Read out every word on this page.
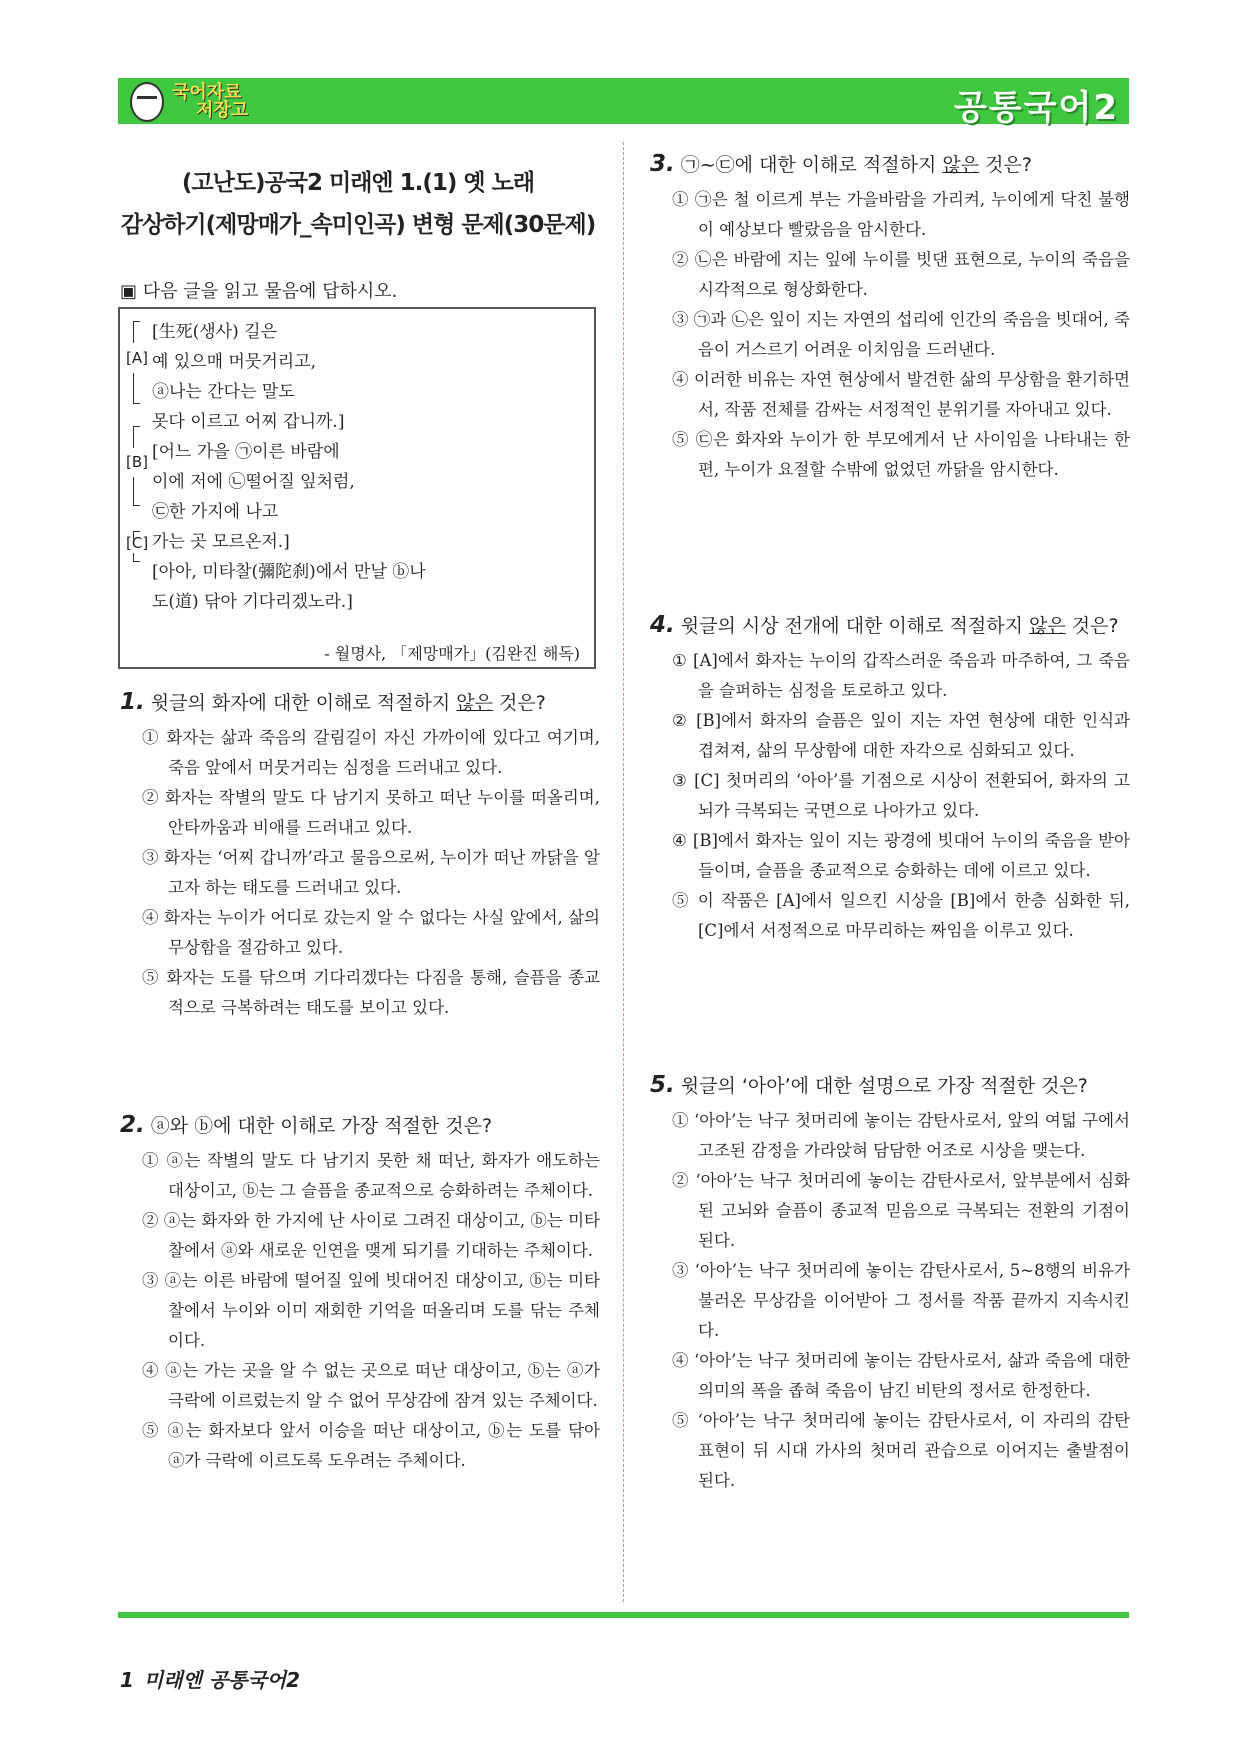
국어자료
저장고	공통국어2
(고난도)공국2 미래엔 1.(1) 옛 노래
감상하기(제망매가_속미인곡) 변형 문제(30문제)
▣ 다음 글을 읽고 물음에 답하시오.
[A]
[B]
[C]
[生死(생사) 길은
예 있으매 머뭇거리고,
ⓐ나는 간다는 말도
못다 이르고 어찌 갑니까.]
[어느 가을 ㉠이른 바람에
이에 저에 ㉡떨어질 잎처럼,
㉢한 가지에 나고
가는 곳 모르온저.]
[아아, 미타찰(彌陀刹)에서 만날 ⓑ나
도(道) 닦아 기다리겠노라.]
- 월명사, 「제망매가」(김완진 해독)
1. 윗글의 화자에 대한 이해로 적절하지 않은 것은?
① 화자는 삶과 죽음의 갈림길이 자신 가까이에 있다고 여기며, 죽음 앞에서 머뭇거리는 심정을 드러내고 있다.
② 화자는 작별의 말도 다 남기지 못하고 떠난 누이를 떠올리며, 안타까움과 비애를 드러내고 있다.
③ 화자는 ‘어찌 갑니까’라고 물음으로써, 누이가 떠난 까닭을 알고자 하는 태도를 드러내고 있다.
④ 화자는 누이가 어디로 갔는지 알 수 없다는 사실 앞에서, 삶의 무상함을 절감하고 있다.
⑤ 화자는 도를 닦으며 기다리겠다는 다짐을 통해, 슬픔을 종교적으로 극복하려는 태도를 보이고 있다.
2. ⓐ와 ⓑ에 대한 이해로 가장 적절한 것은?
① ⓐ는 작별의 말도 다 남기지 못한 채 떠난, 화자가 애도하는 대상이고, ⓑ는 그 슬픔을 종교적으로 승화하려는 주체이다.
② ⓐ는 화자와 한 가지에 난 사이로 그려진 대상이고, ⓑ는 미타찰에서 ⓐ와 새로운 인연을 맺게 되기를 기대하는 주체이다.
③ ⓐ는 이른 바람에 떨어질 잎에 빗대어진 대상이고, ⓑ는 미타찰에서 누이와 이미 재회한 기억을 떠올리며 도를 닦는 주체이다.
④ ⓐ는 가는 곳을 알 수 없는 곳으로 떠난 대상이고, ⓑ는 ⓐ가 극락에 이르렀는지 알 수 없어 무상감에 잠겨 있는 주체이다.
⑤ ⓐ는 화자보다 앞서 이승을 떠난 대상이고, ⓑ는 도를 닦아 ⓐ가 극락에 이르도록 도우려는 주체이다.
3. ㉠~㉢에 대한 이해로 적절하지 않은 것은?
① ㉠은 철 이르게 부는 가을바람을 가리켜, 누이에게 닥친 불행이 예상보다 빨랐음을 암시한다.
② ㉡은 바람에 지는 잎에 누이를 빗댄 표현으로, 누이의 죽음을 시각적으로 형상화한다.
③ ㉠과 ㉡은 잎이 지는 자연의 섭리에 인간의 죽음을 빗대어, 죽음이 거스르기 어려운 이치임을 드러낸다.
④ 이러한 비유는 자연 현상에서 발견한 삶의 무상함을 환기하면서, 작품 전체를 감싸는 서정적인 분위기를 자아내고 있다.
⑤ ㉢은 화자와 누이가 한 부모에게서 난 사이임을 나타내는 한편, 누이가 요절할 수밖에 없었던 까닭을 암시한다.
4. 윗글의 시상 전개에 대한 이해로 적절하지 않은 것은?
① [A]에서 화자는 누이의 갑작스러운 죽음과 마주하여, 그 죽음을 슬퍼하는 심정을 토로하고 있다.
② [B]에서 화자의 슬픔은 잎이 지는 자연 현상에 대한 인식과 겹쳐져, 삶의 무상함에 대한 자각으로 심화되고 있다.
③ [C] 첫머리의 ‘아아’를 기점으로 시상이 전환되어, 화자의 고뇌가 극복되는 국면으로 나아가고 있다.
④ [B]에서 화자는 잎이 지는 광경에 빗대어 누이의 죽음을 받아들이며, 슬픔을 종교적으로 승화하는 데에 이르고 있다.
⑤ 이 작품은 [A]에서 일으킨 시상을 [B]에서 한층 심화한 뒤, [C]에서 서정적으로 마무리하는 짜임을 이루고 있다.
5. 윗글의 ‘아아’에 대한 설명으로 가장 적절한 것은?
① ‘아아’는 낙구 첫머리에 놓이는 감탄사로서, 앞의 여덟 구에서 고조된 감정을 가라앉혀 담담한 어조로 시상을 맺는다.
② ‘아아’는 낙구 첫머리에 놓이는 감탄사로서, 앞부분에서 심화된 고뇌와 슬픔이 종교적 믿음으로 극복되는 전환의 기점이 된다.
③ ‘아아’는 낙구 첫머리에 놓이는 감탄사로서, 5~8행의 비유가 불러온 무상감을 이어받아 그 정서를 작품 끝까지 지속시킨다.
④ ‘아아’는 낙구 첫머리에 놓이는 감탄사로서, 삶과 죽음에 대한 의미의 폭을 좁혀 죽음이 남긴 비탄의 정서로 한정한다.
⑤ ‘아아’는 낙구 첫머리에 놓이는 감탄사로서, 이 자리의 감탄 표현이 뒤 시대 가사의 첫머리 관습으로 이어지는 출발점이 된다.
1 미래엔 공통국어2
